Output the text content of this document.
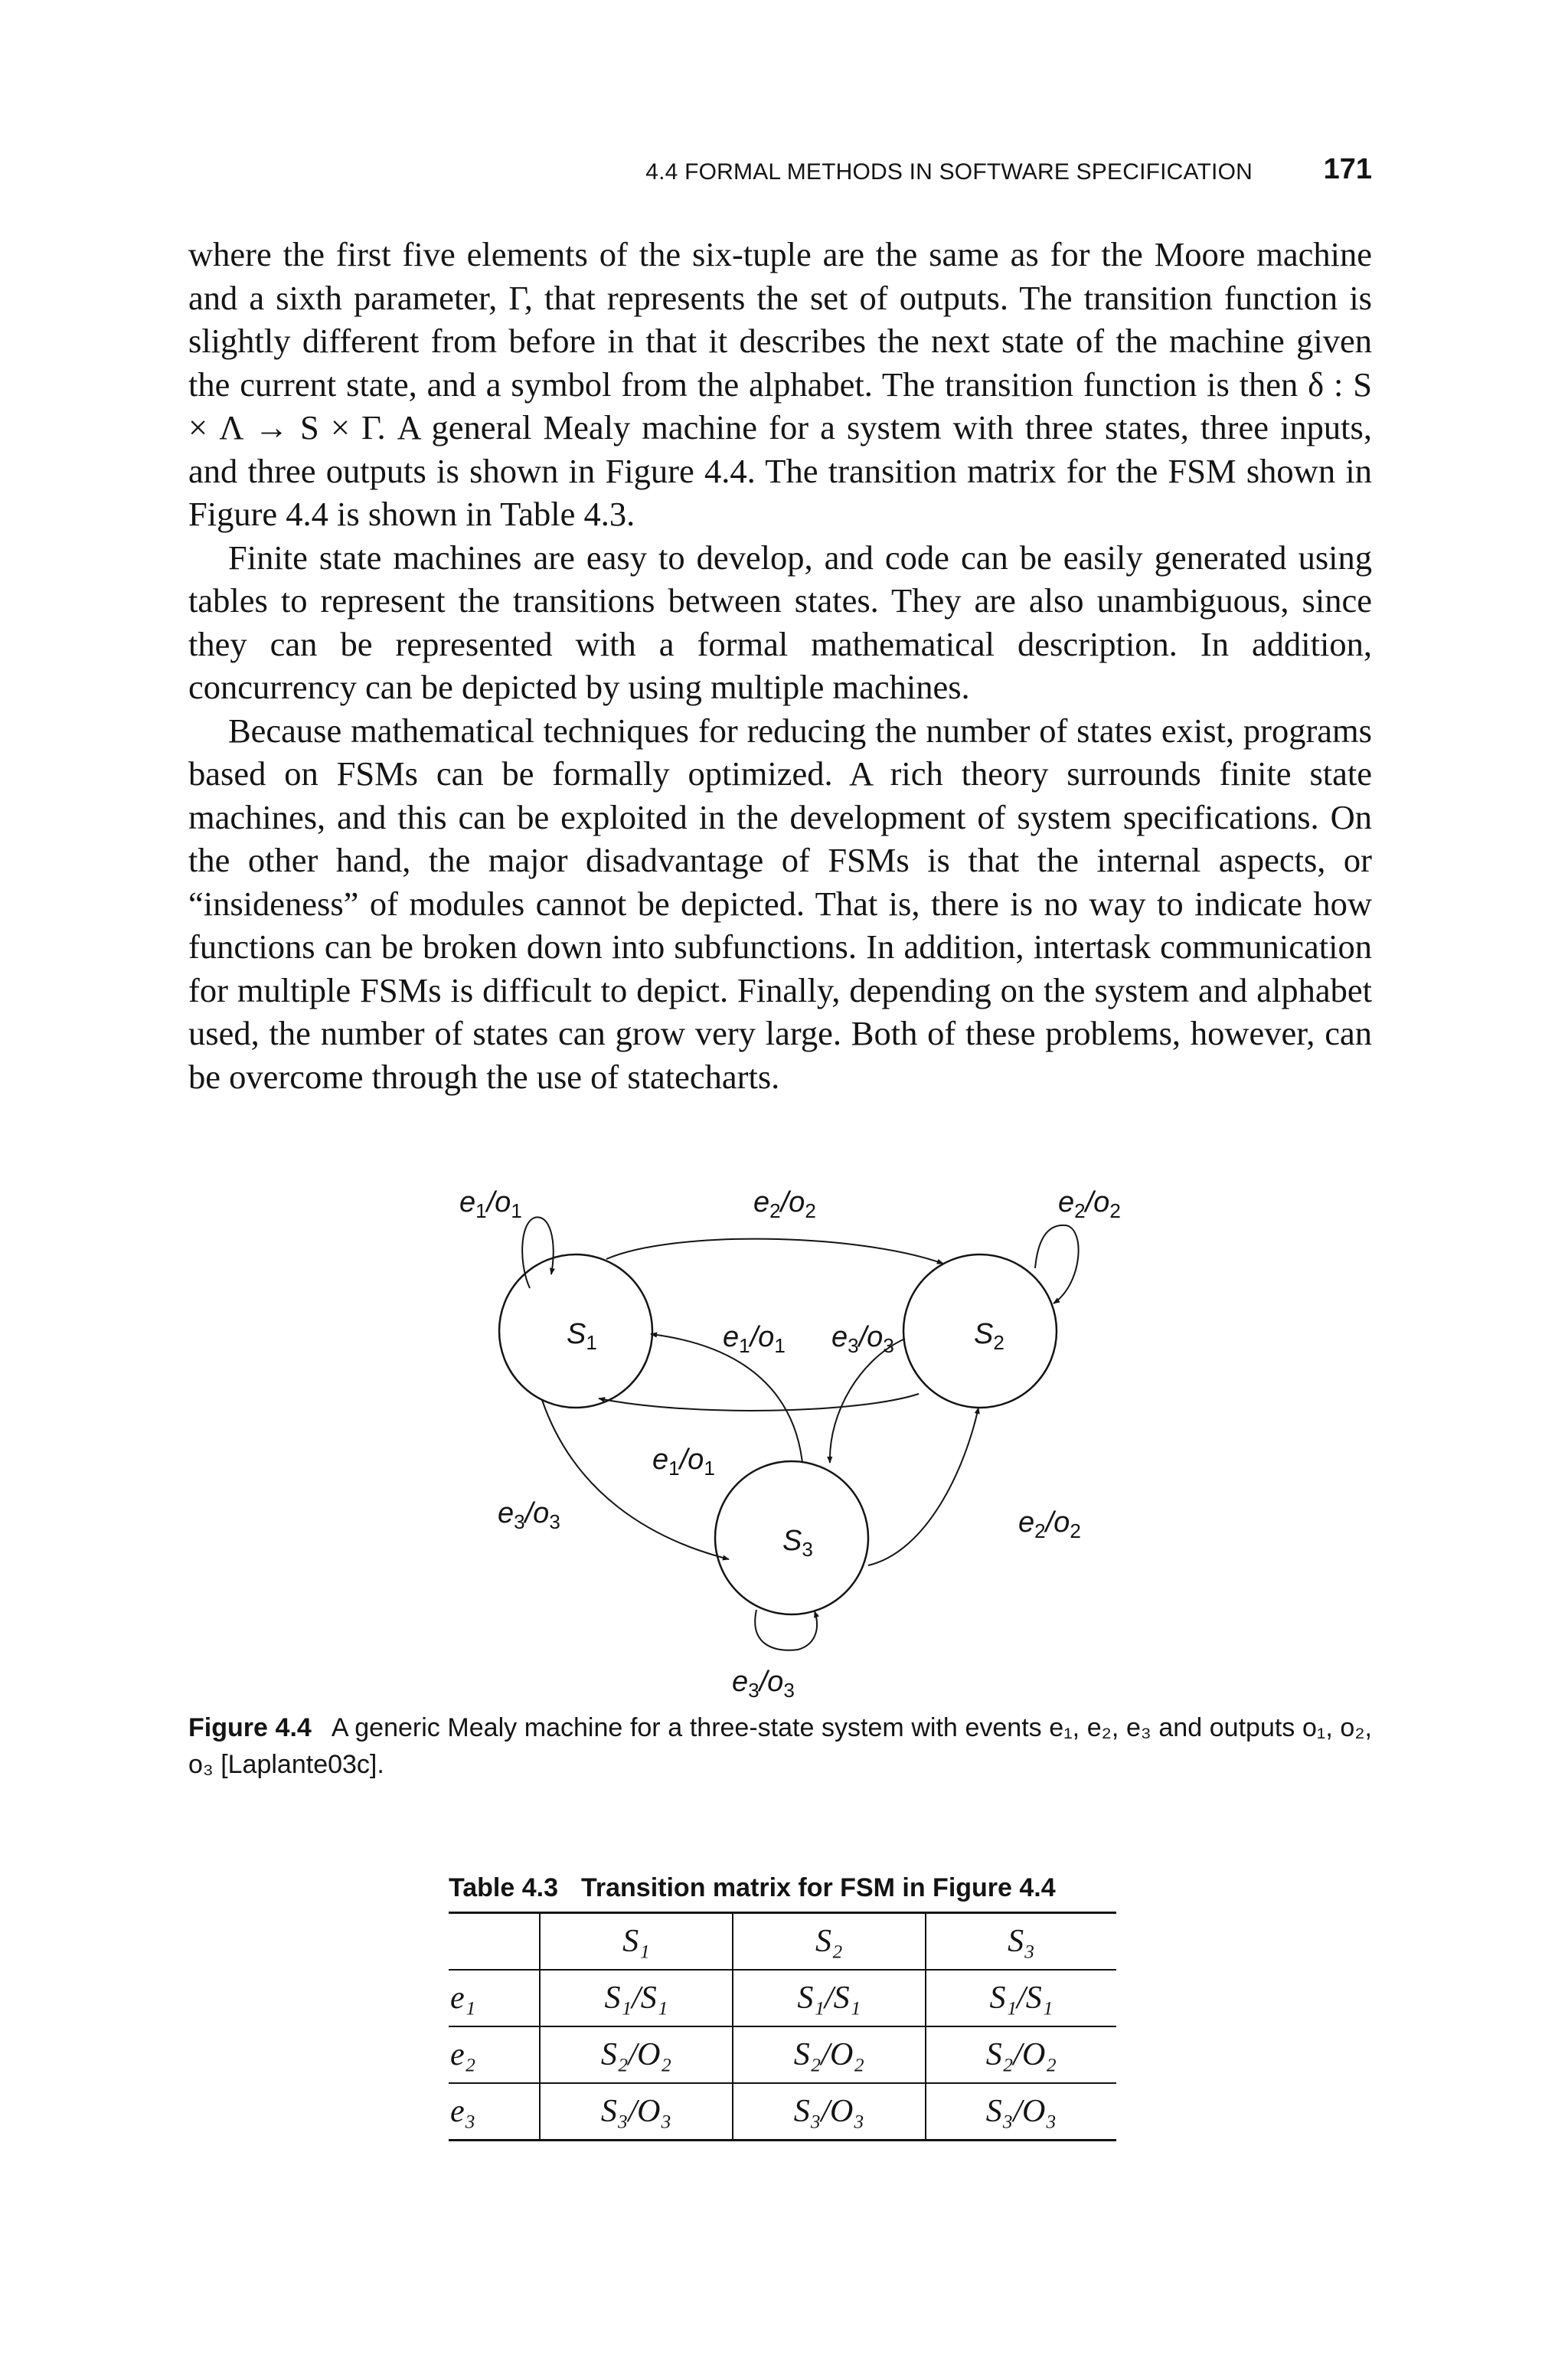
4.4 FORMAL METHODS IN SOFTWARE SPECIFICATION 171

where the first five elements of the six-tuple are the same as for the Moore machine and a sixth parameter, Γ, that represents the set of outputs. The transition function is slightly different from before in that it describes the next state of the machine given the current state, and a symbol from the alphabet. The transition function is then δ : S × Λ → S × Γ. A general Mealy machine for a system with three states, three inputs, and three outputs is shown in Figure 4.4. The transition matrix for the FSM shown in Figure 4.4 is shown in Table 4.3.

Finite state machines are easy to develop, and code can be easily generated using tables to represent the transitions between states. They are also unambiguous, since they can be represented with a formal mathematical description. In addition, concurrency can be depicted by using multiple machines.

Because mathematical techniques for reducing the number of states exist, programs based on FSMs can be formally optimized. A rich theory surrounds finite state machines, and this can be exploited in the development of system specifications. On the other hand, the major disadvantage of FSMs is that the internal aspects, or “insideness” of modules cannot be depicted. That is, there is no way to indicate how functions can be broken down into subfunctions. In addition, intertask communication for multiple FSMs is difficult to depict. Finally, depending on the system and alphabet used, the number of states can grow very large. Both of these problems, however, can be overcome through the use of statecharts.

S1	S2
S3
e1/o1	e2/o2	e2/o2
e1/o1 e3/o3
e1/o1
e3/o3	e2/o2
e3/o3
Figure 4.4 A generic Mealy machine for a three-state system with events e₁, e₂, e₃ and outputs o₁, o₂, o₃ [Laplante03c].
Table 4.3 Transition matrix for FSM in Figure 4.4
	S₁	S₂	S₃
e₁	S₁/S₁	S₁/S₁	S₁/S₁
e₂	S₂/O₂	S₂/O₂	S₂/O₂
e₃	S₃/O₃	S₃/O₃	S₃/O₃
